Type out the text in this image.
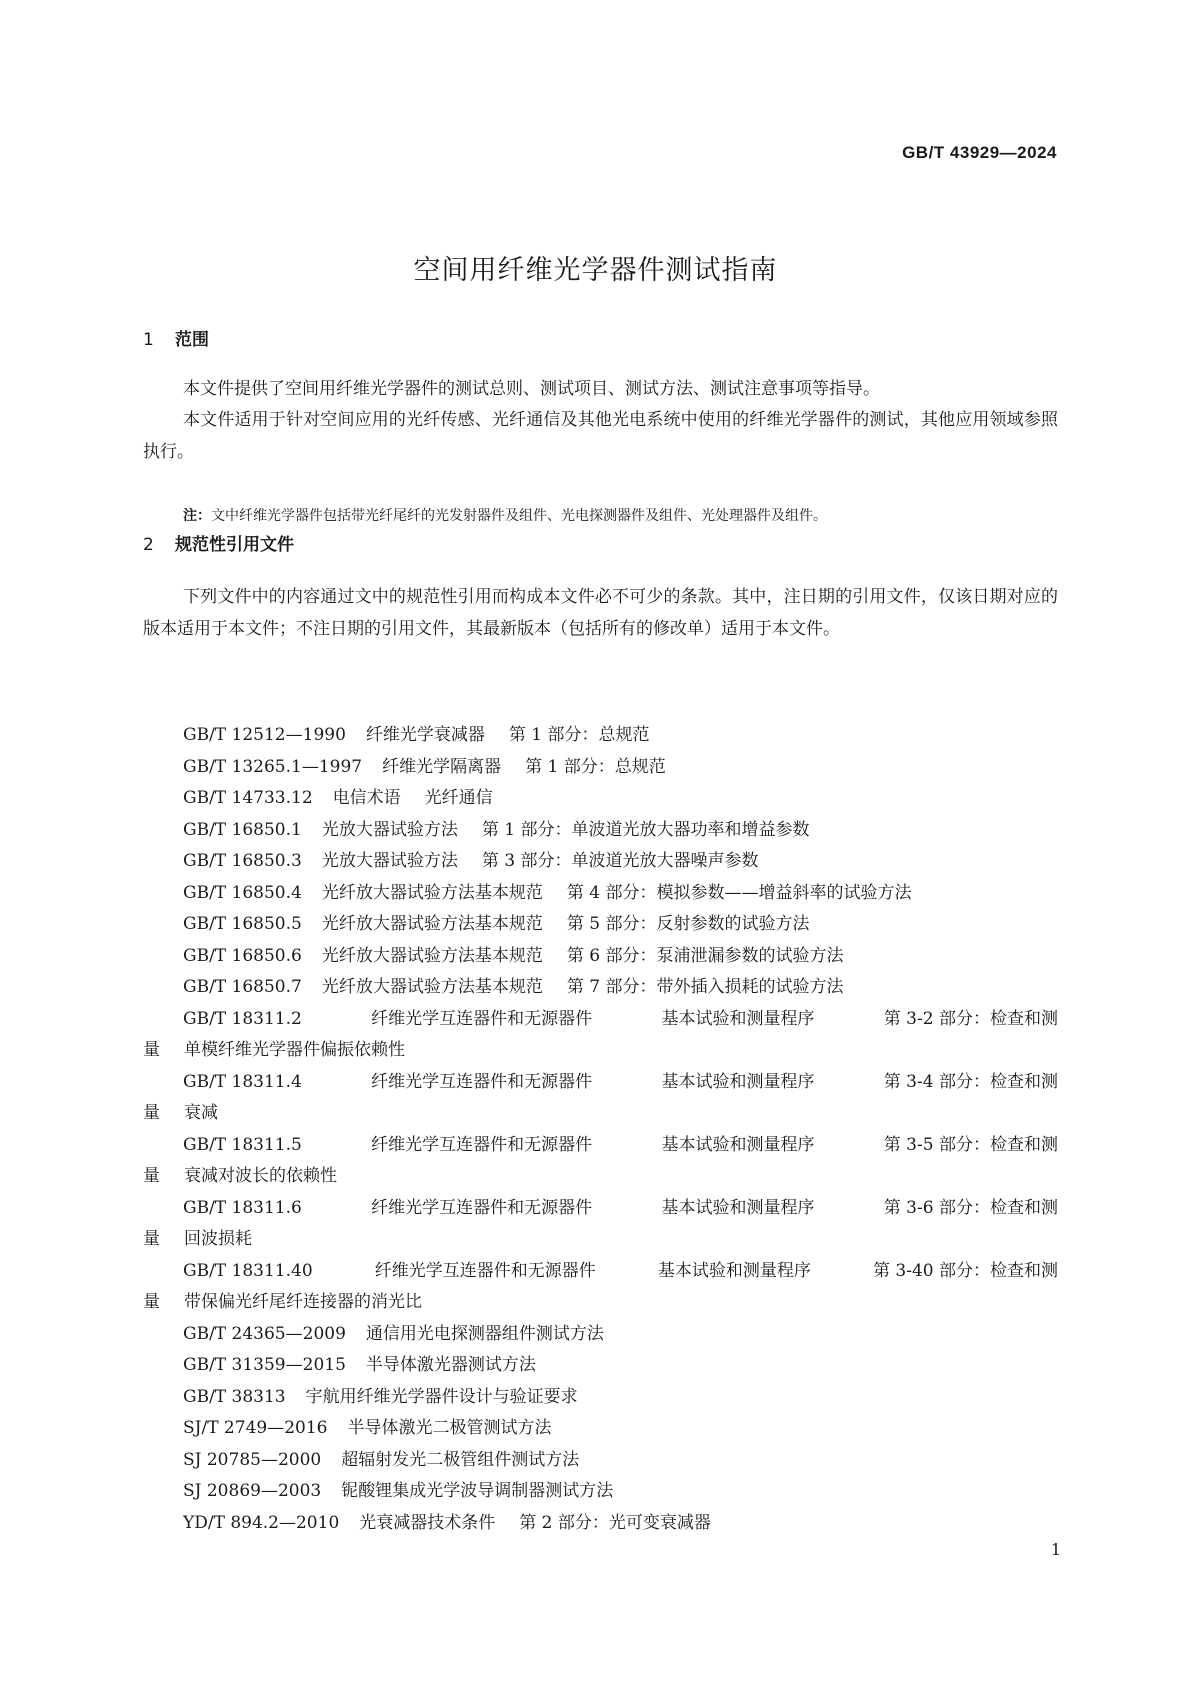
GB/T 43929—2024
空间用纤维光学器件测试指南
1 范围
本文件提供了空间用纤维光学器件的测试总则、测试项目、测试方法、测试注意事项等指导。
本文件适用于针对空间应用的光纤传感、光纤通信及其他光电系统中使用的纤维光学器件的测试，其他应用领域参照执行。
注：文中纤维光学器件包括带光纤尾纤的光发射器件及组件、光电探测器件及组件、光处理器件及组件。
2 规范性引用文件
下列文件中的内容通过文中的规范性引用而构成本文件必不可少的条款。其中，注日期的引用文件，仅该日期对应的版本适用于本文件；不注日期的引用文件，其最新版本（包括所有的修改单）适用于本文件。
GB/T 12512—1990 纤维光学衰减器 第 1 部分：总规范
GB/T 13265.1—1997 纤维光学隔离器 第 1 部分：总规范
GB/T 14733.12 电信术语 光纤通信
GB/T 16850.1 光放大器试验方法 第 1 部分：单波道光放大器功率和增益参数
GB/T 16850.3 光放大器试验方法 第 3 部分：单波道光放大器噪声参数
GB/T 16850.4 光纤放大器试验方法基本规范 第 4 部分：模拟参数——增益斜率的试验方法
GB/T 16850.5 光纤放大器试验方法基本规范 第 5 部分：反射参数的试验方法
GB/T 16850.6 光纤放大器试验方法基本规范 第 6 部分：泵浦泄漏参数的试验方法
GB/T 16850.7 光纤放大器试验方法基本规范 第 7 部分：带外插入损耗的试验方法
GB/T 18311.2	纤维光学互连器件和无源器件	基本试验和测量程序	第 3-2 部分：检查和测
量 单模纤维光学器件偏振依赖性
GB/T 18311.4	纤维光学互连器件和无源器件	基本试验和测量程序	第 3-4 部分：检查和测
量 衰减
GB/T 18311.5	纤维光学互连器件和无源器件	基本试验和测量程序	第 3-5 部分：检查和测
量 衰减对波长的依赖性
GB/T 18311.6	纤维光学互连器件和无源器件	基本试验和测量程序	第 3-6 部分：检查和测
量 回波损耗
GB/T 18311.40	纤维光学互连器件和无源器件	基本试验和测量程序	第 3-40 部分：检查和测
量 带保偏光纤尾纤连接器的消光比
GB/T 24365—2009 通信用光电探测器组件测试方法
GB/T 31359—2015 半导体激光器测试方法
GB/T 38313 宇航用纤维光学器件设计与验证要求
SJ/T 2749—2016 半导体激光二极管测试方法
SJ 20785—2000 超辐射发光二极管组件测试方法
SJ 20869—2003 铌酸锂集成光学波导调制器测试方法
YD/T 894.2—2010 光衰减器技术条件 第 2 部分：光可变衰减器
1
